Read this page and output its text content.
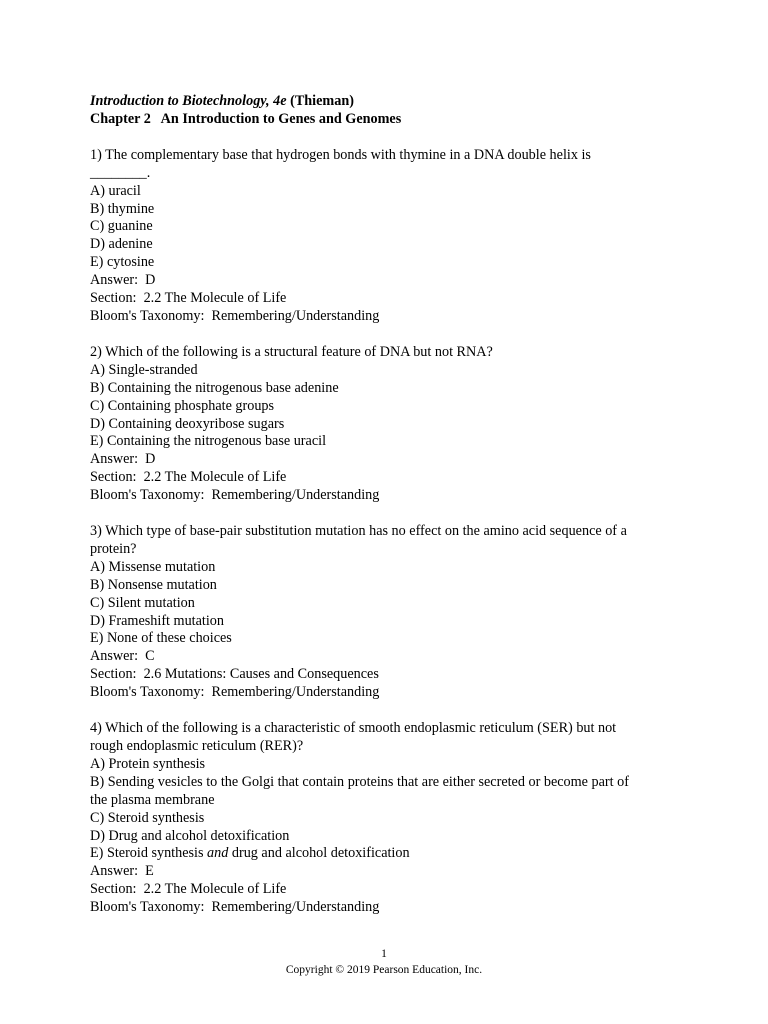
Introduction to Biotechnology, 4e (Thieman)
Chapter 2   An Introduction to Genes and Genomes
1) The complementary base that hydrogen bonds with thymine in a DNA double helix is
________.
A) uracil
B) thymine
C) guanine
D) adenine
E) cytosine
Answer:  D
Section:  2.2 The Molecule of Life
Bloom's Taxonomy:  Remembering/Understanding
2) Which of the following is a structural feature of DNA but not RNA?
A) Single-stranded
B) Containing the nitrogenous base adenine
C) Containing phosphate groups
D) Containing deoxyribose sugars
E) Containing the nitrogenous base uracil
Answer:  D
Section:  2.2 The Molecule of Life
Bloom's Taxonomy:  Remembering/Understanding
3) Which type of base-pair substitution mutation has no effect on the amino acid sequence of a
protein?
A) Missense mutation
B) Nonsense mutation
C) Silent mutation
D) Frameshift mutation
E) None of these choices
Answer:  C
Section:  2.6 Mutations: Causes and Consequences
Bloom's Taxonomy:  Remembering/Understanding
4) Which of the following is a characteristic of smooth endoplasmic reticulum (SER) but not
rough endoplasmic reticulum (RER)?
A) Protein synthesis
B) Sending vesicles to the Golgi that contain proteins that are either secreted or become part of
the plasma membrane
C) Steroid synthesis
D) Drug and alcohol detoxification
E) Steroid synthesis and drug and alcohol detoxification
Answer:  E
Section:  2.2 The Molecule of Life
Bloom's Taxonomy:  Remembering/Understanding
1
Copyright © 2019 Pearson Education, Inc.
